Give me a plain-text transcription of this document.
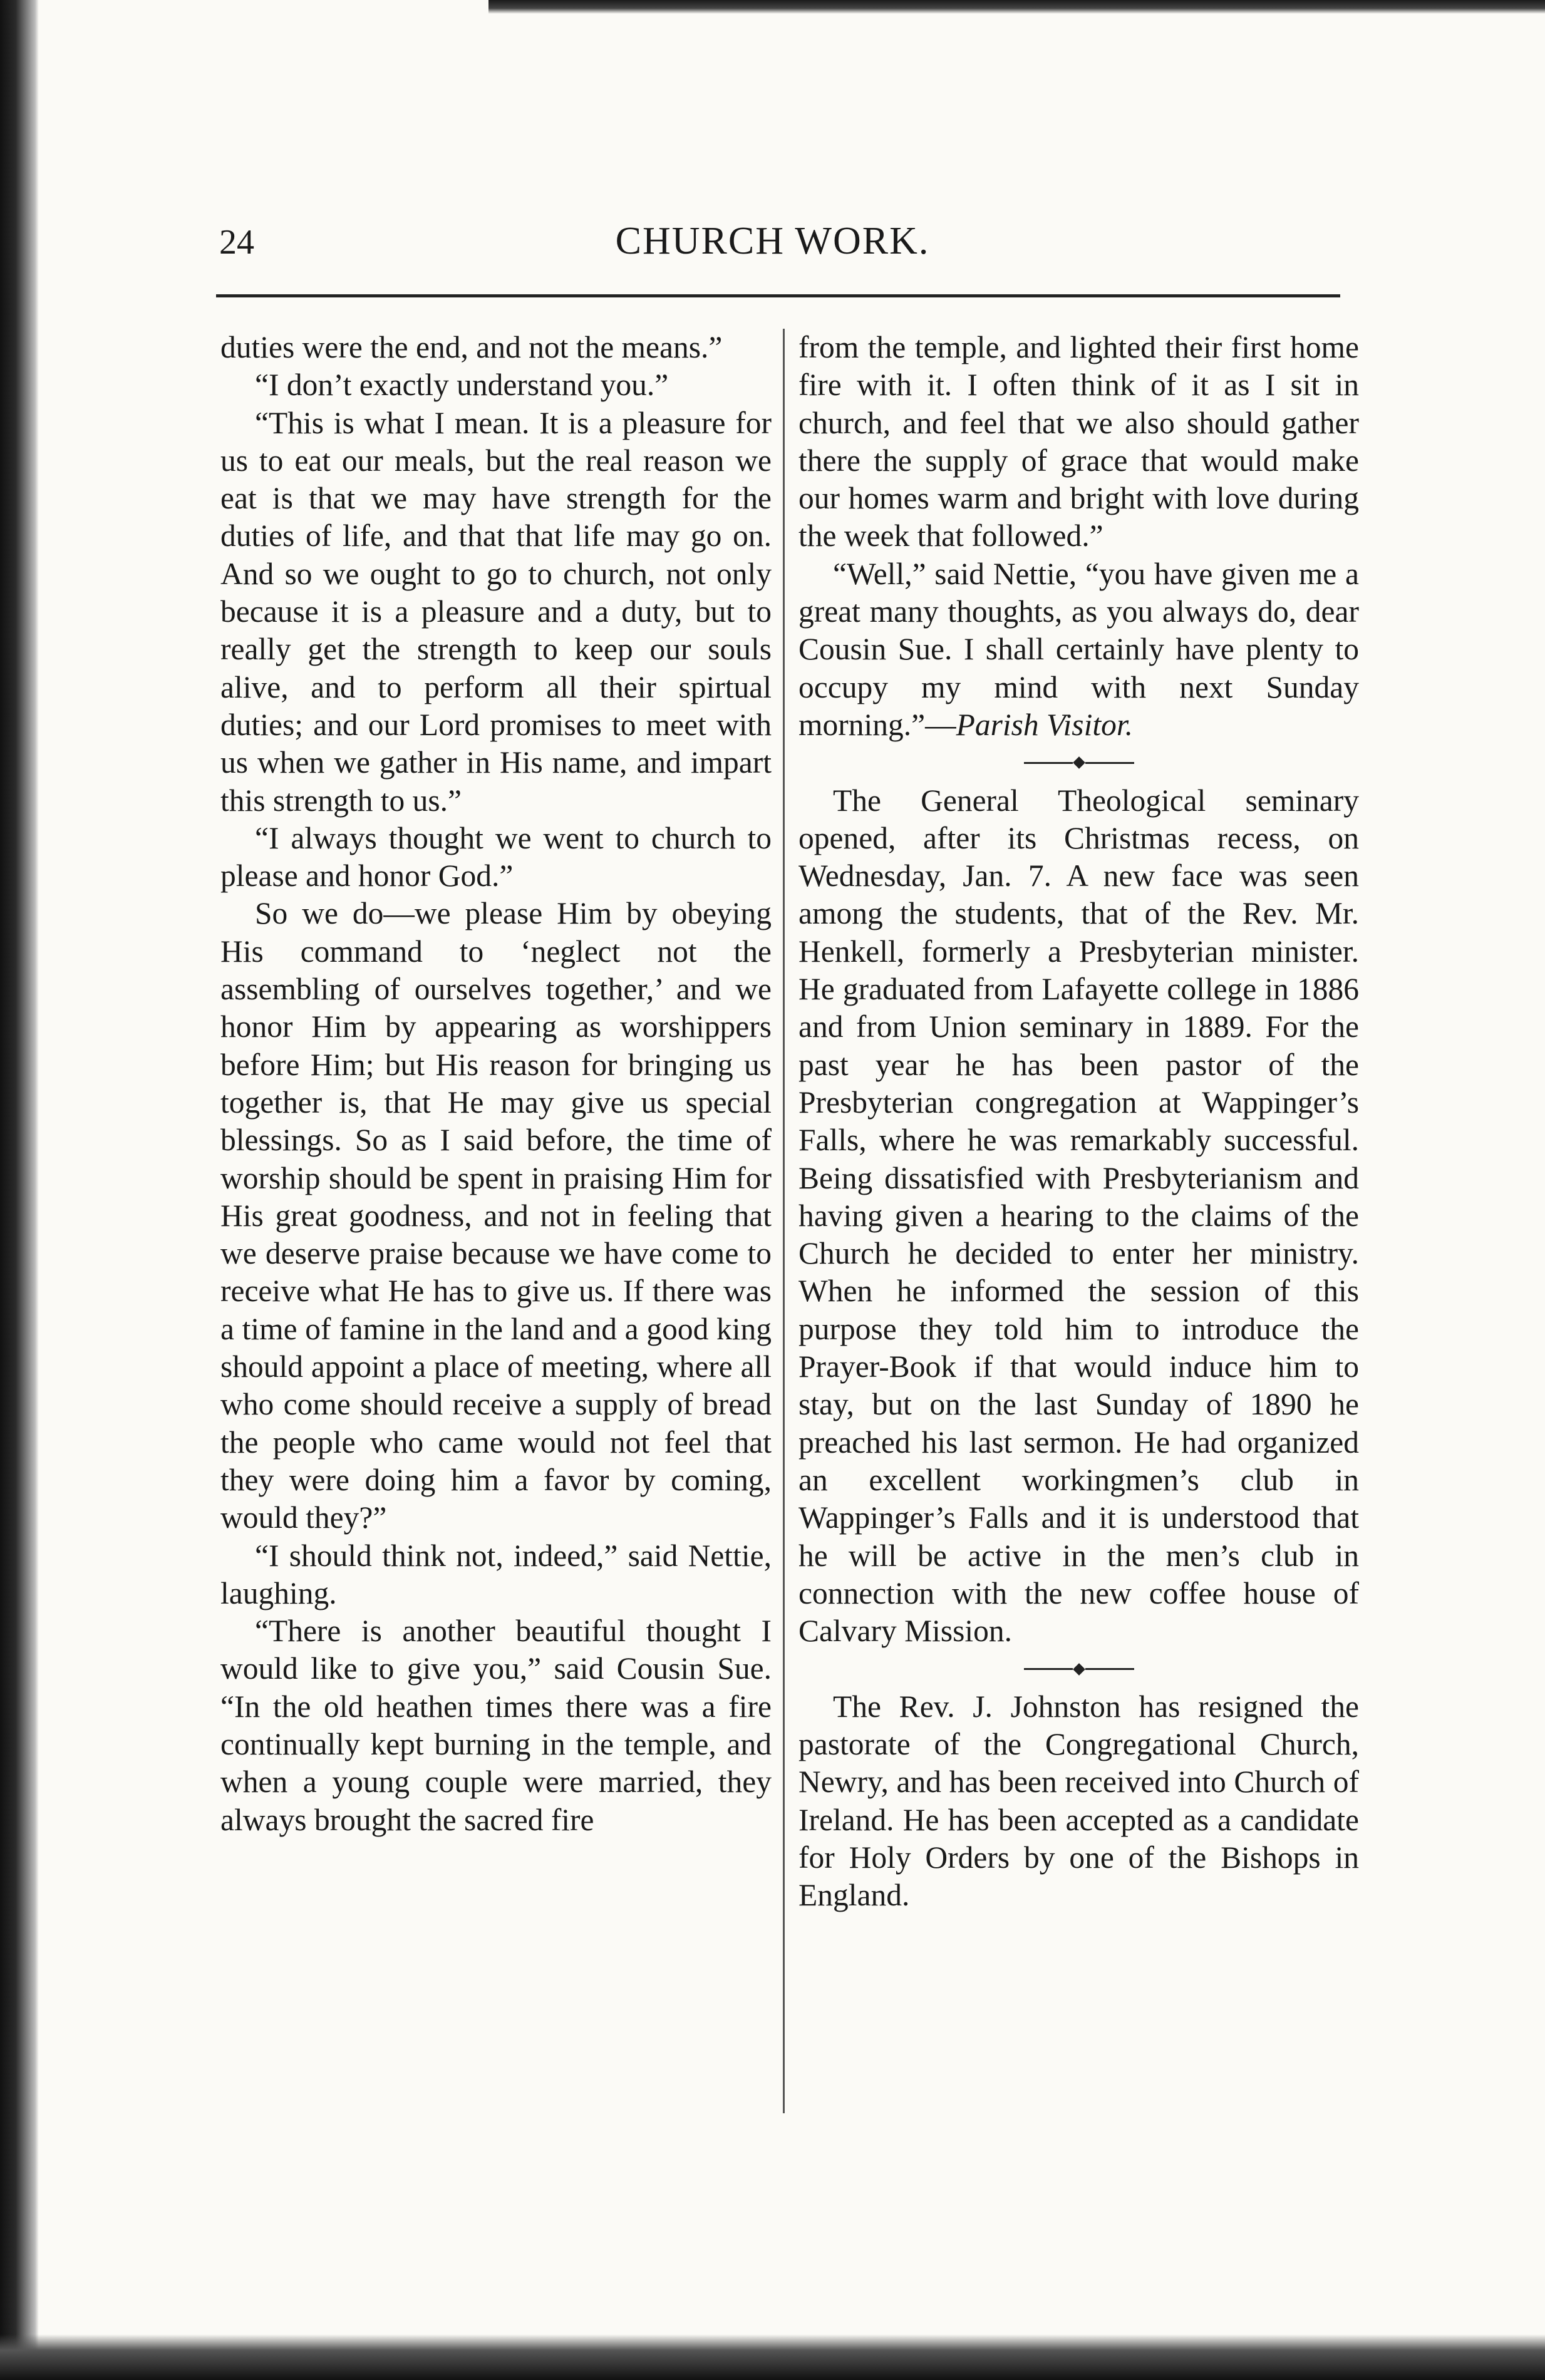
24	CHURCH WORK.

duties were the end, and not the means.”

“I don’t exactly understand you.”

“This is what I mean. It is a pleasure for us to eat our meals, but the real reason we eat is that we may have strength for the duties of life, and that that life may go on. And so we ought to go to church, not only because it is a pleasure and a duty, but to really get the strength to keep our souls alive, and to perform all their spirtual duties; and our Lord promises to meet with us when we gather in His name, and impart this strength to us.”

“I always thought we went to church to please and honor God.”

So we do—we please Him by obeying His command to ‘neglect not the assembling of ourselves together,’ and we honor Him by appearing as worshippers before Him; but His reason for bringing us together is, that He may give us special blessings. So as I said before, the time of worship should be spent in praising Him for His great goodness, and not in feeling that we deserve praise because we have come to receive what He has to give us. If there was a time of famine in the land and a good king should appoint a place of meeting, where all who come should receive a supply of bread the people who came would not feel that they were doing him a favor by coming, would they?”

“I should think not, indeed,” said Nettie, laughing.

“There is another beautiful thought I would like to give you,” said Cousin Sue. “In the old heathen times there was a fire continually kept burning in the temple, and when a young couple were married, they always brought the sacred fire

from the temple, and lighted their first home fire with it. I often think of it as I sit in church, and feel that we also should gather there the supply of grace that would make our homes warm and bright with love during the week that followed.”

“Well,” said Nettie, “you have given me a great many thoughts, as you always do, dear Cousin Sue. I shall certainly have plenty to occupy my mind with next Sunday morning.”—Parish Visitor.

The General Theological seminary opened, after its Christmas recess, on Wednesday, Jan. 7. A new face was seen among the students, that of the Rev. Mr. Henkell, formerly a Presbyterian minister. He graduated from Lafayette college in 1886 and from Union seminary in 1889. For the past year he has been pastor of the Presbyterian congregation at Wappinger’s Falls, where he was remarkably successful. Being dissatisfied with Presbyterianism and having given a hearing to the claims of the Church he decided to enter her ministry. When he informed the session of this purpose they told him to introduce the Prayer-Book if that would induce him to stay, but on the last Sunday of 1890 he preached his last sermon. He had organized an excellent workingmen’s club in Wappinger’s Falls and it is understood that he will be active in the men’s club in connection with the new coffee house of Calvary Mission.

The Rev. J. Johnston has resigned the pastorate of the Congregational Church, Newry, and has been received into Church of Ireland. He has been accepted as a candidate for Holy Orders by one of the Bishops in England.
